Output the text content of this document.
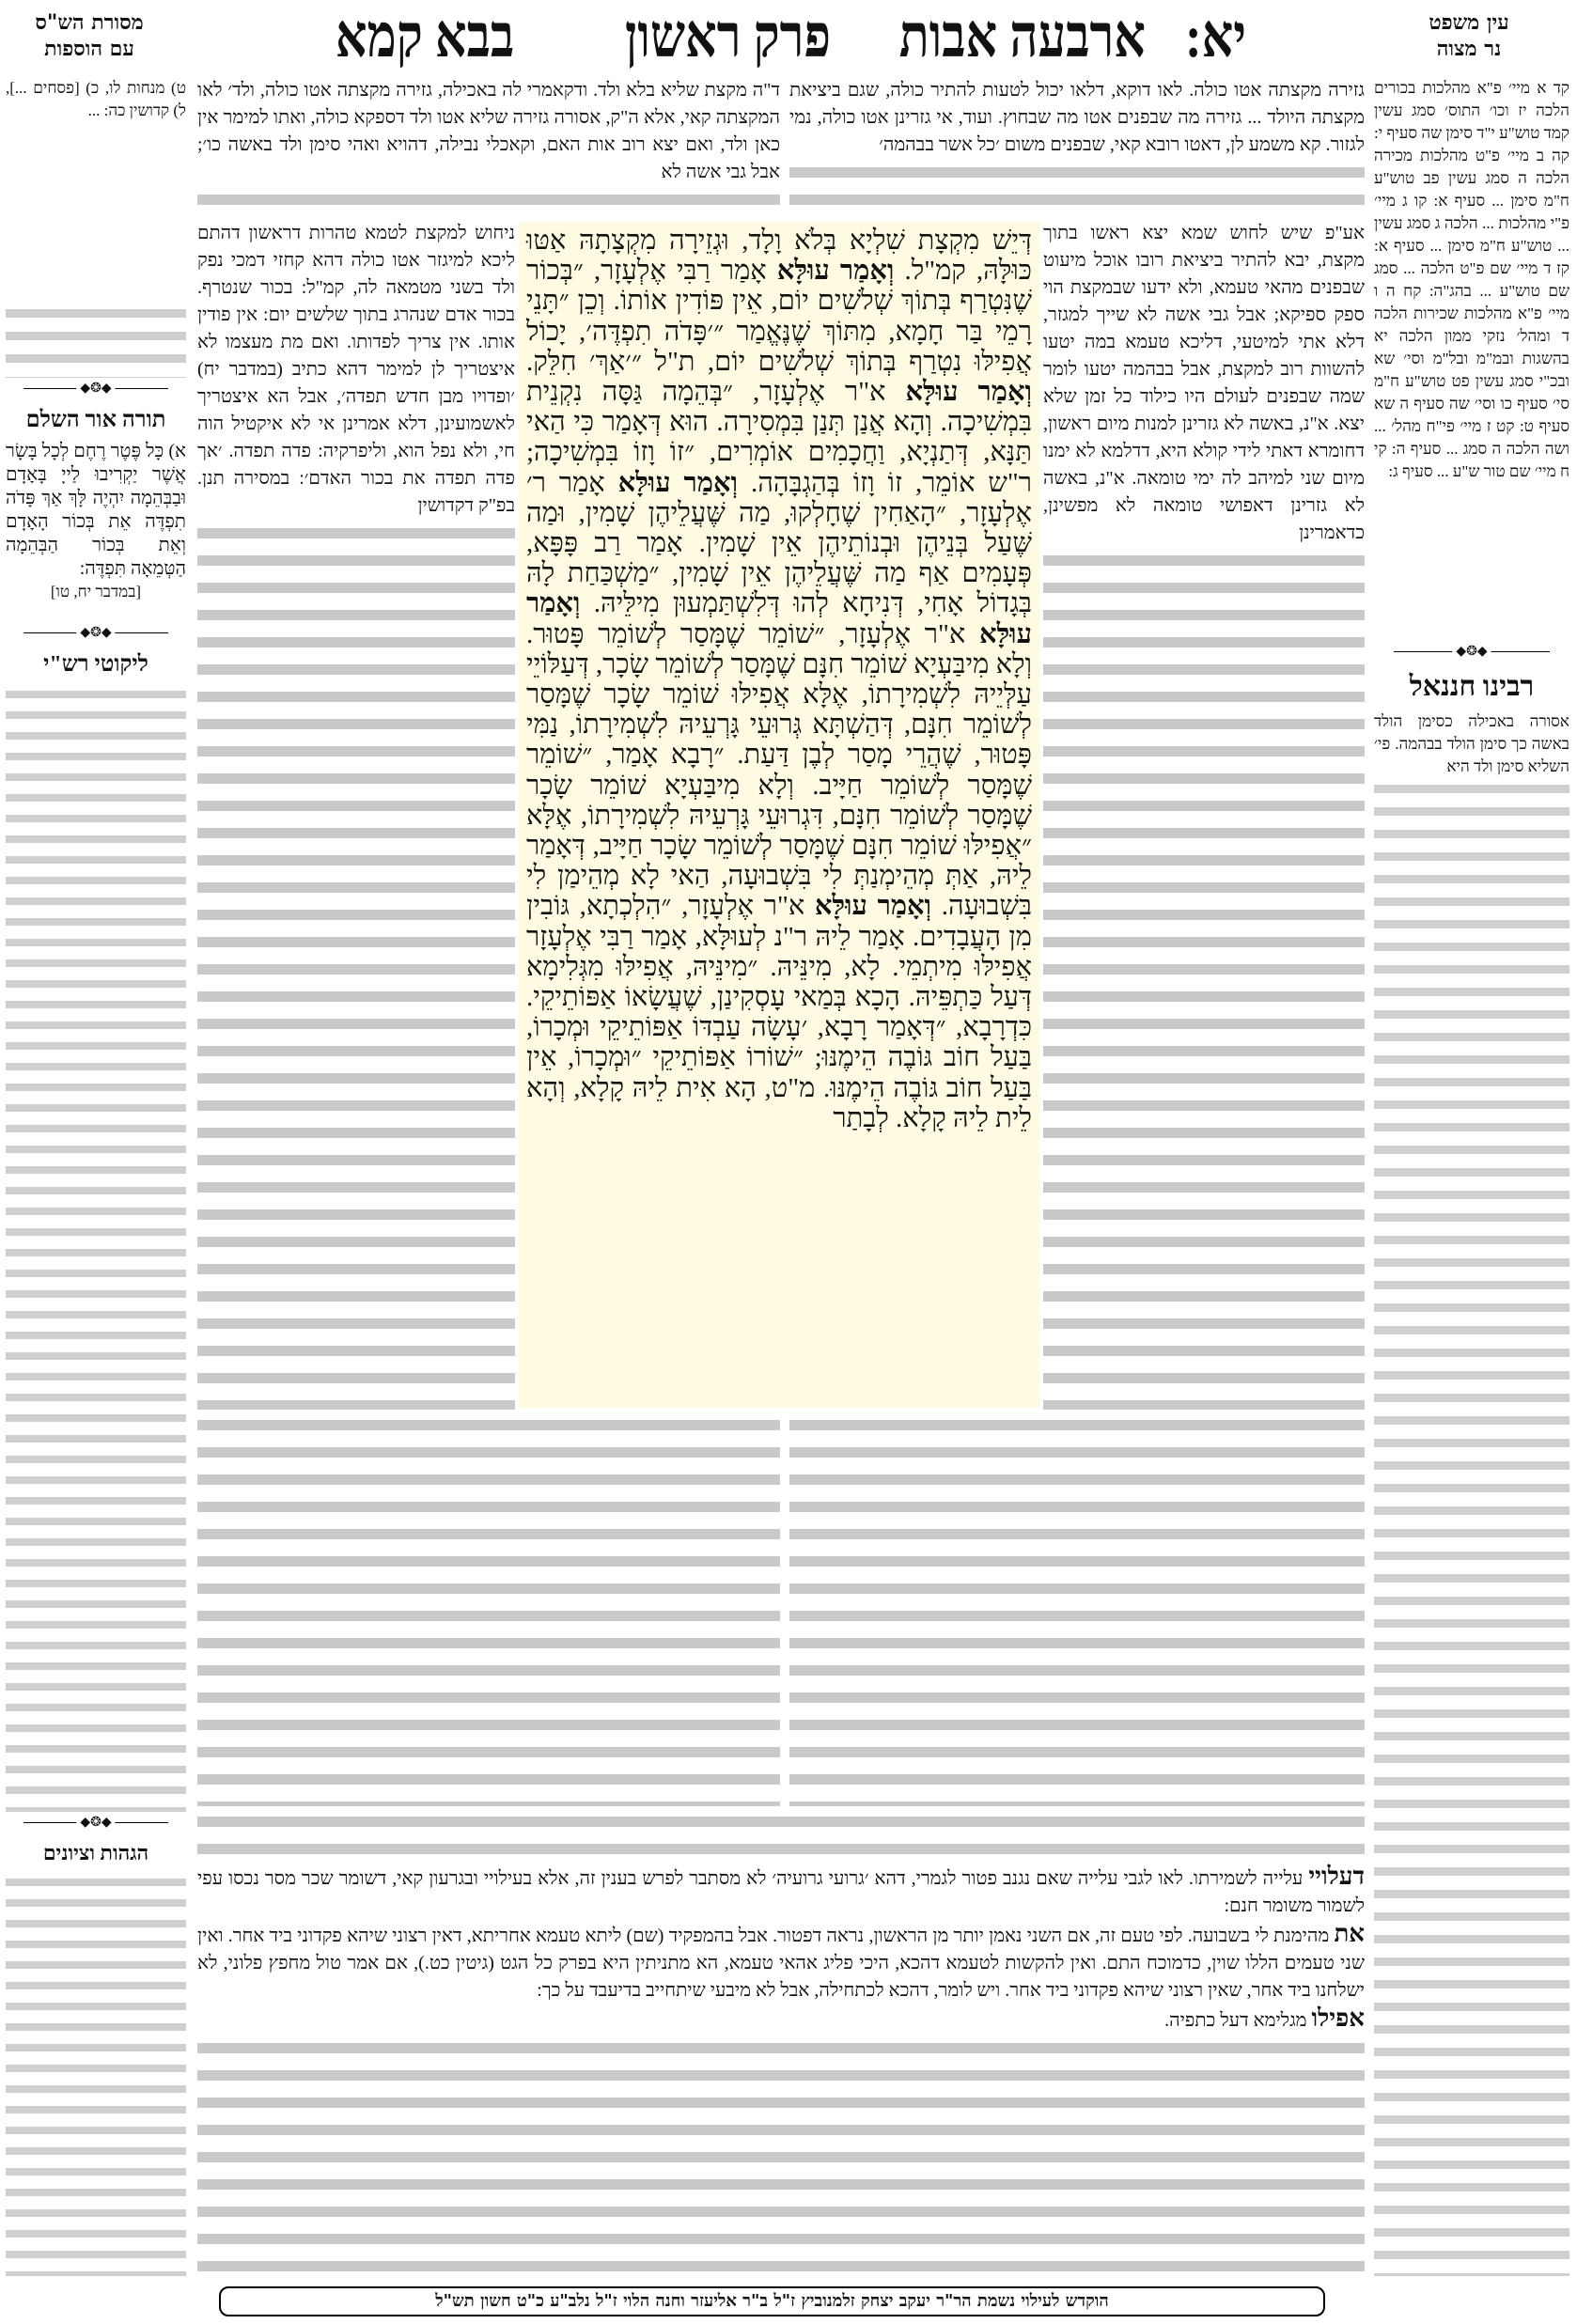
עין משפט
נר מצוה
יא:
ארבעה אבות
פרק ראשון
בבא קמא
מסורת הש"ס
עם הוספות

קד א מיי׳ פ"א מהלכות בכורים הלכה יז וכו׳ התוס׳ סמג עשין קמד טוש"ע י"ד סימן שה סעיף י: קה ב מיי׳ פ"ט מהלכות מכירה הלכה ה סמג עשין פב טוש"ע ח"מ סימן ... סעיף א: קו ג מיי׳ פ"י מהלכות ... הלכה ג סמג עשין ... טוש"ע ח"מ סימן ... סעיף א: קז ד מיי׳ שם פ"ט הלכה ... סמג שם טוש"ע ... בהג"ה: קח ה ו מיי׳ פ"א מהלכות שכירות הלכה ד ומהל׳ נזקי ממון הלכה יא בהשגות ובמ"מ ובל"מ וסי׳ שא ובכ"י סמג עשין פט טוש"ע ח"מ סי׳ סעיף כו וסי׳ שה סעיף ה שא סעיף ט: קט ז מיי׳ פי"ח מהל׳ ... ושה הלכה ה סמג ... סעיף ה: קי ח מיי׳ שם טור ש"ע ... סעיף ג:

◆❂◆
רבינו חננאל

אסורה באכילה כסימן הולד באשה כך סימן הולד בבהמה. פי׳ השליא סימן ולד היא

ט) מנחות לו, כ) [פסחים ...], ל) קדושין כה: ...

◆❂◆
תורה אור השלם

א) כָּל פֶּטֶר רֶחֶם לְכָל בָּשָׂר אֲשֶׁר יַקְרִיבוּ לַייָ בָּאָדָם וּבַבְּהֵמָה יִהְיֶה לָּךְ אַךְ פָּדֹה תִפְדֶּה אֵת בְּכוֹר הָאָדָם וְאֵת בְּכוֹר הַבְּהֵמָה הַטְּמֵאָה תִּפְדֶּה:

[במדבר יח, טו]

◆❂◆
ליקוטי רש"י
◆❂◆
הגהות וציונים

גזירה מקצתה אטו כולה. לאו דוקא, דלאו יכול לטעות להתיר כולה, שגם ביציאת מקצתה היולד ... גזירה מה שבפנים אטו מה שבחוץ. ועוד, אי גזרינן אטו כולה, נמי לגזור. קא משמע לן, דאטו רובא קאי, שבפנים משום ׳כל אשר בבהמה׳

אע"פ שיש לחוש שמא יצא ראשו בתוך מקצת, יבא להתיר ביציאת רובו אוכל מיעוט שבפנים מהאי טעמא, ולא ידעו שבמקצת הוי ספק ספיקא; אבל גבי אשה לא שייך למגזר, דלא אתי למיטעי, דליכא טעמא במה יטעו להשוות רוב למקצת, אבל בבהמה יטעו לומר שמה שבפנים לעולם היו כילוד כל זמן שלא יצא. א"נ, באשה לא גזרינן למנות מיום ראשון, דחומרא דאתי לידי קולא היא, דדלמא לא ימנו מיום שני למיהב לה ימי טומאה. א"נ, באשה לא גזרינן דאפושי טומאה לא מפשינן, כדאמרינן

ד"ה מקצת שליא בלא ולד. ודקאמרי לה באכילה, גזירה מקצתה אטו כולה, ולד׳ לאו המקצתה קאי, אלא ה"ק, אסורה גזירה שליא אטו ולד דספקא כולה, ואתו למימר אין כאן ולד, ואם יצא רוב אות האם, וקאכלי נבילה, דהויא ואהי סימן ולד באשה כו׳; אבל גבי אשה לא

ניחוש למקצת לטמא טהרות דראשון דהתם ליכא למיגזר אטו כולה דהא קחזי דמכי נפק ולד בשני מטמאה לה, קמ"ל: בכור שנטרף. בכור אדם שנהרג בתוך שלשים יום: אין פודין אותו. אין צריך לפדותו. ואם מת מעצמו לא איצטריך לן למימר דהא כתיב (במדבר יח) ׳ופדויו מבן חדש תפדה׳, אבל הא איצטריך לאשמועינן, דלא אמרינן אי לא איקטיל הוה חי, ולא נפל הוא, וליפרקיה: פדה תפדה. ׳אך פדה תפדה את בכור האדם׳: במסירה תנן. בפ"ק דקדושין

דעלויי עלייה לשמירתו. לאו לגבי עלייה שאם נגנב פטור לגמרי, דהא ׳גרועי גרועיה׳ לא מסתבר לפרש בענין זה, אלא בעילויי ובגרעון קאי, דשומר שכר מסר נכסו עפי לשמור משומר חנם:

את מהימנת לי בשבועה. לפי טעם זה, אם השני נאמן יותר מן הראשון, נראה דפטור. אבל בהמפקיד (שם) ליתא טעמא אחריתא, דאין רצוני שיהא פקדוני ביד אחר. ואין שני טעמים הללו שוין, כדמוכח התם. ואין להקשות לטעמא דהכא, היכי פליג אהאי טעמא, הא מתניתין היא בפרק כל הגט (גיטין כט.), אם אמר טול מחפץ פלוני, לא ישלחנו ביד אחר, שאין רצוני שיהא פקדוני ביד אחר. ויש לומר, דהכא לכתחילה, אבל לא מיבעי שיתחייב בדיעבד על כך:

אפילו מגלימא דעל כתפיה.

דְּיֵשׁ מִקְצָת שִׁלְיָא בְּלֹא וָלָד, וּגְזֵירָה מִקְצָתָהּ אַטּוּ כּוּלָּהּ, קמ"ל. וְאָמַר עוּלָּא אָמַר רַבִּי אֶלְעָזָר, ״בְּכוֹר שֶׁנִּטְרַף בְּתוֹךְ שְׁלֹשִׁים יוֹם, אֵין פּוֹדִין אוֹתוֹ. וְכֵן ״תָּנֵי רָמֵי בַּר חָמָא, מִתּוֹךְ שֶׁנֶּאֱמַר ״׳פָּדֹה תִפְדֶּה׳, יָכוֹל אֲפִילּוּ נִטְרַף בְּתוֹךְ שְׁלֹשִׁים יוֹם, ת"ל ״׳אַךְ׳ חִלֵּק. וְאָמַר עוּלָּא א"ר אֶלְעָזָר, ״בְּהֵמָה גַּסָּה נִקְנֵית בִּמְשִׁיכָה. וְהָא אֲנַן תְּנַן בִּמְסִירָה. הוּא דְּאָמַר כִּי הַאי תַּנָּא, דְּתַנְיָא, וַחֲכָמִים אוֹמְרִים, ״זוֹ וָזוֹ בִּמְשִׁיכָה; ר"ש אוֹמֵר, זוֹ וָזוֹ בְּהַגְבָּהָה. וְאָמַר עוּלָּא אָמַר ר׳ אֶלְעָזָר, ״הָאַחִין שֶׁחָלְקוּ, מַה שֶּׁעֲלֵיהֶן שָׁמִין, וּמַה שֶּׁעַל בְּנֵיהֶן וּבְנוֹתֵיהֶן אֵין שָׁמִין. אָמַר רַב פָּפָּא, פְּעָמִים אַף מַה שֶּׁעֲלֵיהֶן אֵין שָׁמִין, ״מַשְׁכַּחַת לָהּ בְּגָדוֹל אָחִי, דְּנִיחָא לְהוּ דְּלִשְׁתַּמְעוּן מִילֵּיהּ. וְאָמַר עוּלָּא א"ר אֶלְעָזָר, ״שׁוֹמֵר שֶׁמָּסַר לְשׁוֹמֵר פָּטוּר. וְלָא מִיבַּעְיָא שׁוֹמֵר חִנָּם שֶׁמָּסַר לְשׁוֹמֵר שָׂכָר, דְּעַלּוֹיֵי עַלְּיֵיהּ לִשְׁמִירָתוֹ, אֶלָּא אֲפִילּוּ שׁוֹמֵר שָׂכָר שֶׁמָּסַר לְשׁוֹמֵר חִנָּם, דְּהַשְׁתָּא גְּרוּעֵי גָּרְעֵיהּ לִשְׁמִירָתוֹ, נַמִּי פָּטוּר, שֶׁהֲרֵי מָסַר לְבֶן דַּעַת. ״רָבָא אָמַר, ״שׁוֹמֵר שֶׁמָּסַר לְשׁוֹמֵר חַיָּיב. וְלָא מִיבַּעְיָא שׁוֹמֵר שָׂכָר שֶׁמָּסַר לְשׁוֹמֵר חִנָּם, דִּגְרוּעֵי גָּרְעֵיהּ לִשְׁמִירָתוֹ, אֶלָּא ״אֲפִילּוּ שׁוֹמֵר חִנָּם שֶׁמָּסַר לְשׁוֹמֵר שָׂכָר חַיָּיב, דְּאָמַר לֵיהּ, אַתְּ מְהֵימְנַתְּ לִי בִּשְׁבוּעָה, הַאי לָא מְהֵימַן לִי בִּשְׁבוּעָה. וְאָמַר עוּלָּא א"ר אֶלְעָזָר, ״הִלְכְתָא, גּוֹבִין מִן הָעֲבָדִים. אָמַר לֵיהּ ר"נ לְעוּלָּא, אָמַר רַבִּי אֶלְעָזָר אֲפִילּוּ מִיתְמֵי. לָא, מִינֵּיהּ. ״מִינֵּיהּ, אֲפִילּוּ מִגְּלִימָא דְּעַל כַּתְפֵּיהּ. הָכָא בְּמַאי עָסְקִינַן, שֶׁעֲשָׂאוֹ אַפּוֹתֵיקֵי. כִּדְרָבָא, ״דְּאָמַר רָבָא, ׳עָשָׂה עַבְדּוֹ אַפּוֹתֵיקֵי וּמְכָרוֹ, בַּעַל חוֹב גּוֹבֶה הֵימֶנּוּ; ״שׁוֹרוֹ אַפּוֹתֵיקֵי ״וּמְכָרוֹ, אֵין בַּעַל חוֹב גּוֹבֶה הֵימֶנּוּ. מ"ט, הָא אִית לֵיהּ קָלָא, וְהָא לֵית לֵיהּ קָלָא. לְבָתַר
הוקדש לעילוי נשמת הר"ר יעקב יצחק זלמנוביץ ז"ל ב"ר אליעזר וחנה הלוי ז"ל נלב"ע כ"ט חשון תש"ל
